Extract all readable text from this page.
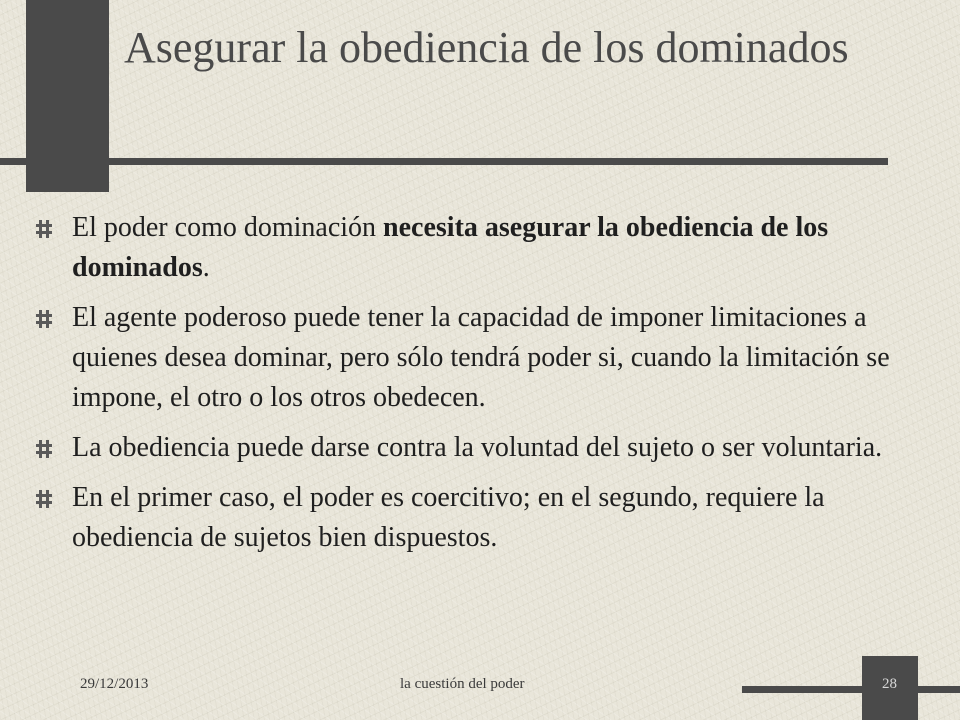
Asegurar la obediencia de los dominados
El poder como dominación necesita asegurar la obediencia de los dominados.
El agente poderoso puede tener la capacidad de imponer limitaciones a quienes desea dominar, pero sólo tendrá poder si, cuando la limitación se impone, el otro o los otros obedecen.
La obediencia puede darse contra la voluntad del sujeto o ser voluntaria.
En el primer caso, el poder es coercitivo; en el segundo, requiere la obediencia de sujetos bien dispuestos.
29/12/2013	la cuestión del poder	28
